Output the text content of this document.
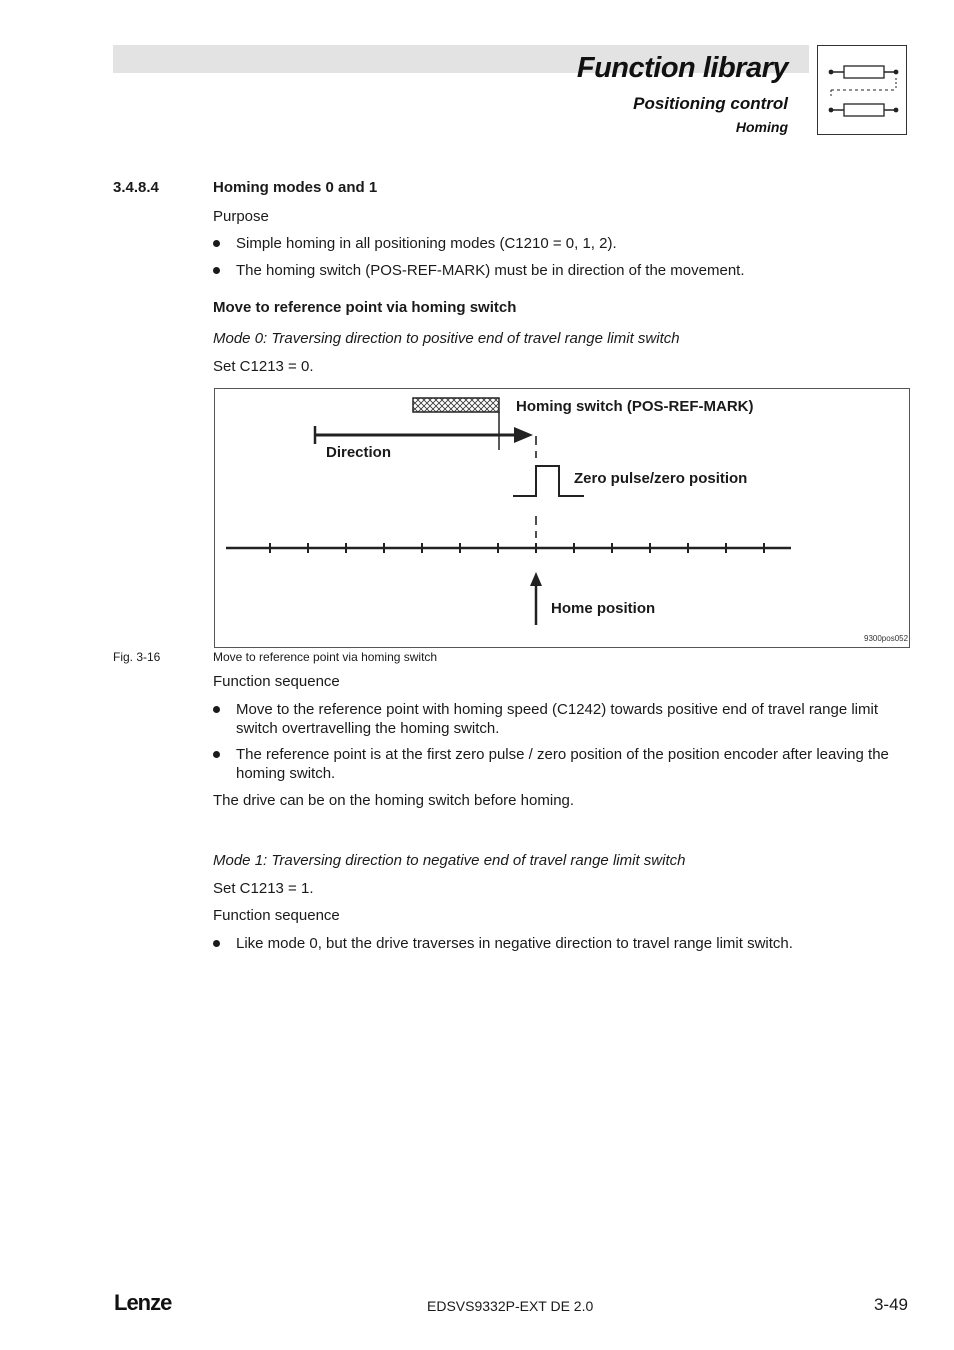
Function library
Positioning control
Homing
3.4.8.4	Homing modes 0 and 1
Purpose
Simple homing in all positioning modes (C1210 = 0, 1, 2).
The homing switch (POS-REF-MARK) must be in direction of the movement.
Move to reference point via homing switch
Mode 0: Traversing direction to positive end of travel range limit switch
Set C1213 = 0.
Homing switch (POS-REF-MARK)
Direction
Zero pulse/zero position
Home position
9300pos052
Fig. 3-16	Move to reference point via homing switch
Function sequence
Move to the reference point with homing speed (C1242) towards positive end of travel range limit switch overtravelling the homing switch.
The reference point is at the first zero pulse / zero position of the position encoder after leaving the homing switch.
The drive can be on the homing switch before homing.
Mode 1: Traversing direction to negative end of travel range limit switch
Set C1213 = 1.
Function sequence
Like mode 0, but the drive traverses in negative direction to travel range limit switch.
Lenze	EDSVS9332P-EXT DE 2.0	3-49
